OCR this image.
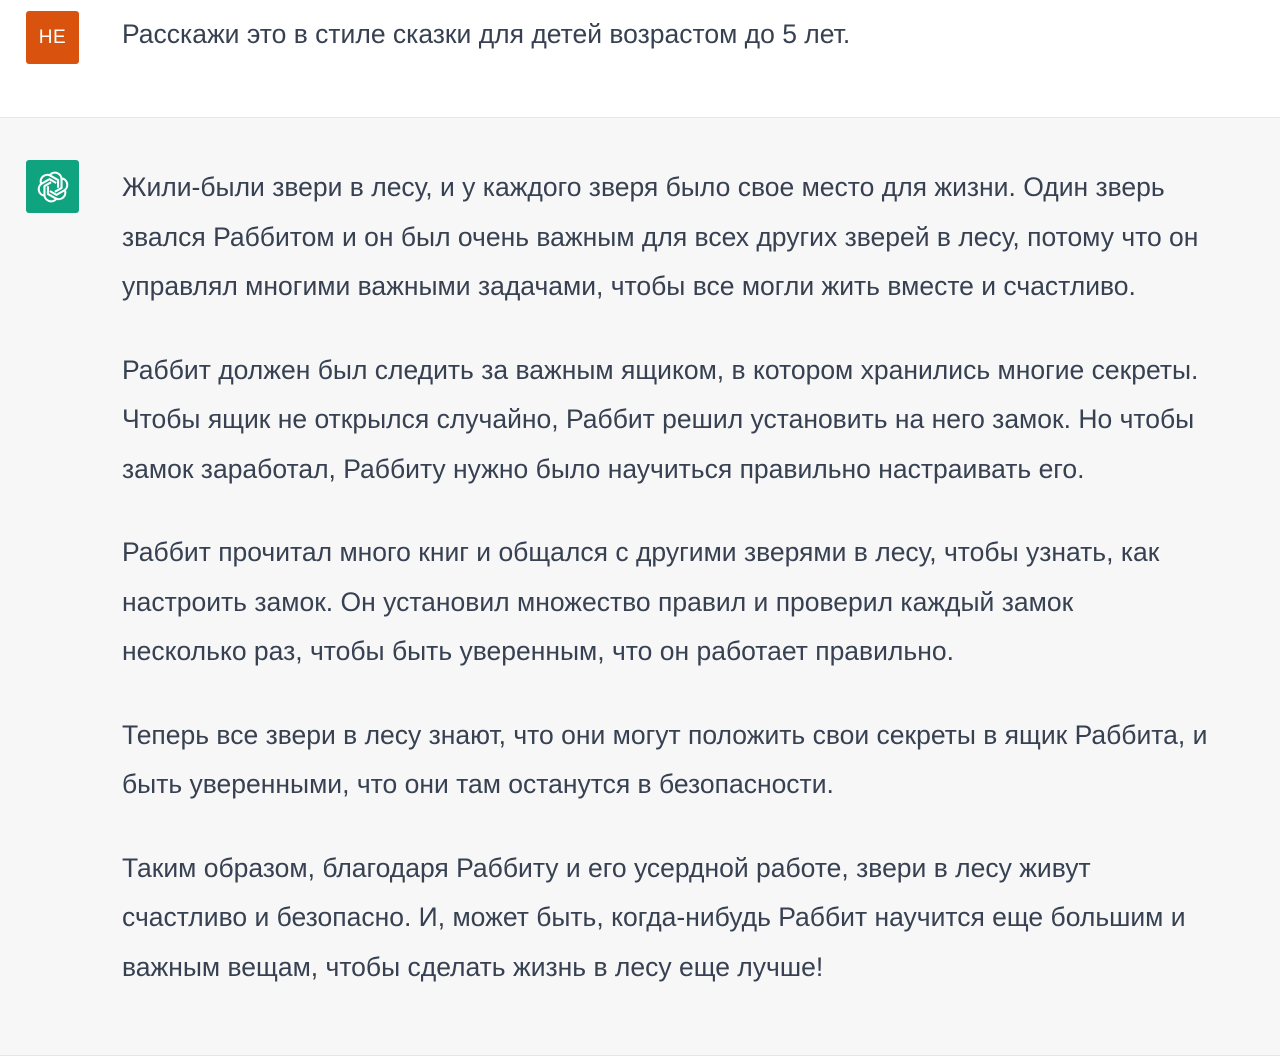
НЕ	Расскажи это в стиле сказки для детей возрастом до 5 лет.

Жили-были звери в лесу, и у каждого зверя было свое место для жизни. Один зверь
звался Раббитом и он был очень важным для всех других зверей в лесу, потому что он
управлял многими важными задачами, чтобы все могли жить вместе и счастливо.

Раббит должен был следить за важным ящиком, в котором хранились многие секреты.
Чтобы ящик не открылся случайно, Раббит решил установить на него замок. Но чтобы
замок заработал, Раббиту нужно было научиться правильно настраивать его.

Раббит прочитал много книг и общался с другими зверями в лесу, чтобы узнать, как
настроить замок. Он установил множество правил и проверил каждый замок
несколько раз, чтобы быть уверенным, что он работает правильно.

Теперь все звери в лесу знают, что они могут положить свои секреты в ящик Раббита, и
быть уверенными, что они там останутся в безопасности.

Таким образом, благодаря Раббиту и его усердной работе, звери в лесу живут
счастливо и безопасно. И, может быть, когда-нибудь Раббит научится еще большим и
важным вещам, чтобы сделать жизнь в лесу еще лучше!
